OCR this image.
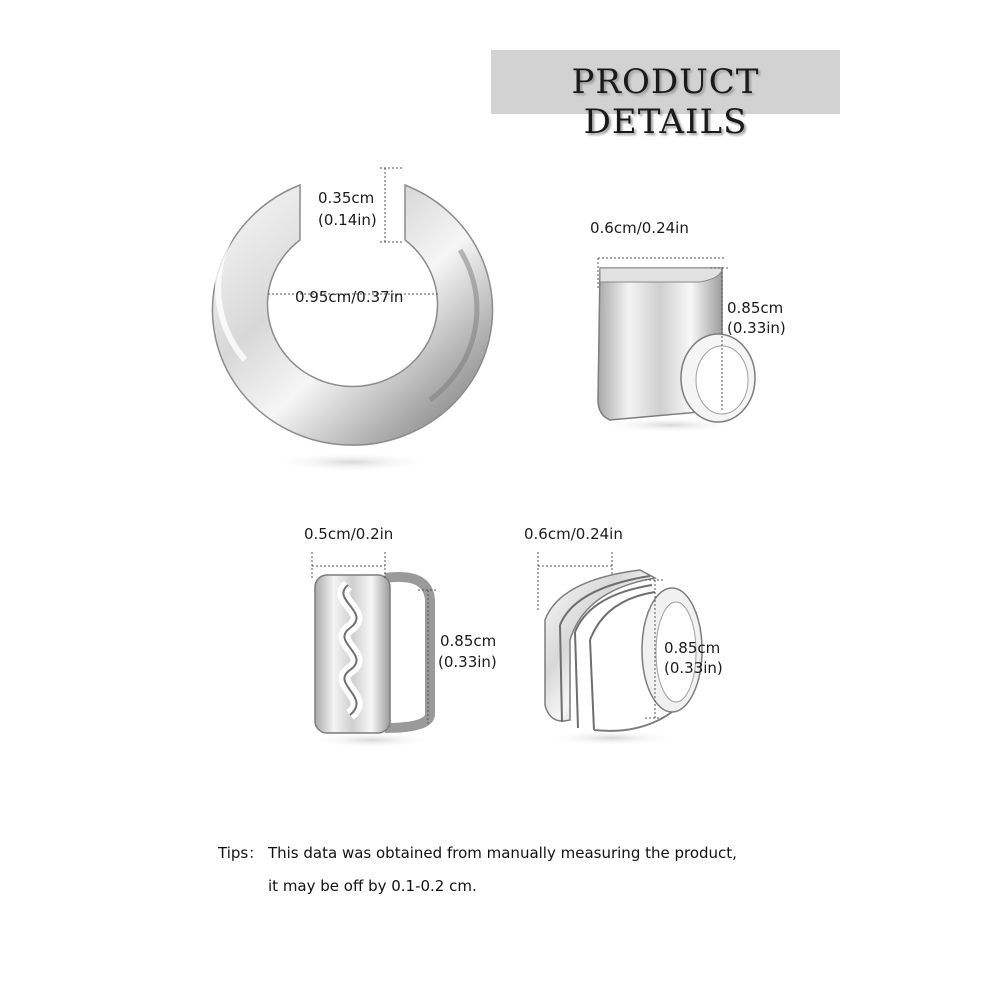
PRODUCT DETAILS
0.35cm
(0.14in)
0.95cm/0.37in
0.6cm/0.24in
0.85cm
(0.33in)
0.5cm/0.2in
0.85cm
(0.33in)
0.6cm/0.24in
0.85cm
(0.33in)
Tips： This data was obtained from manually measuring the product,
it may be off by 0.1-0.2 cm.
